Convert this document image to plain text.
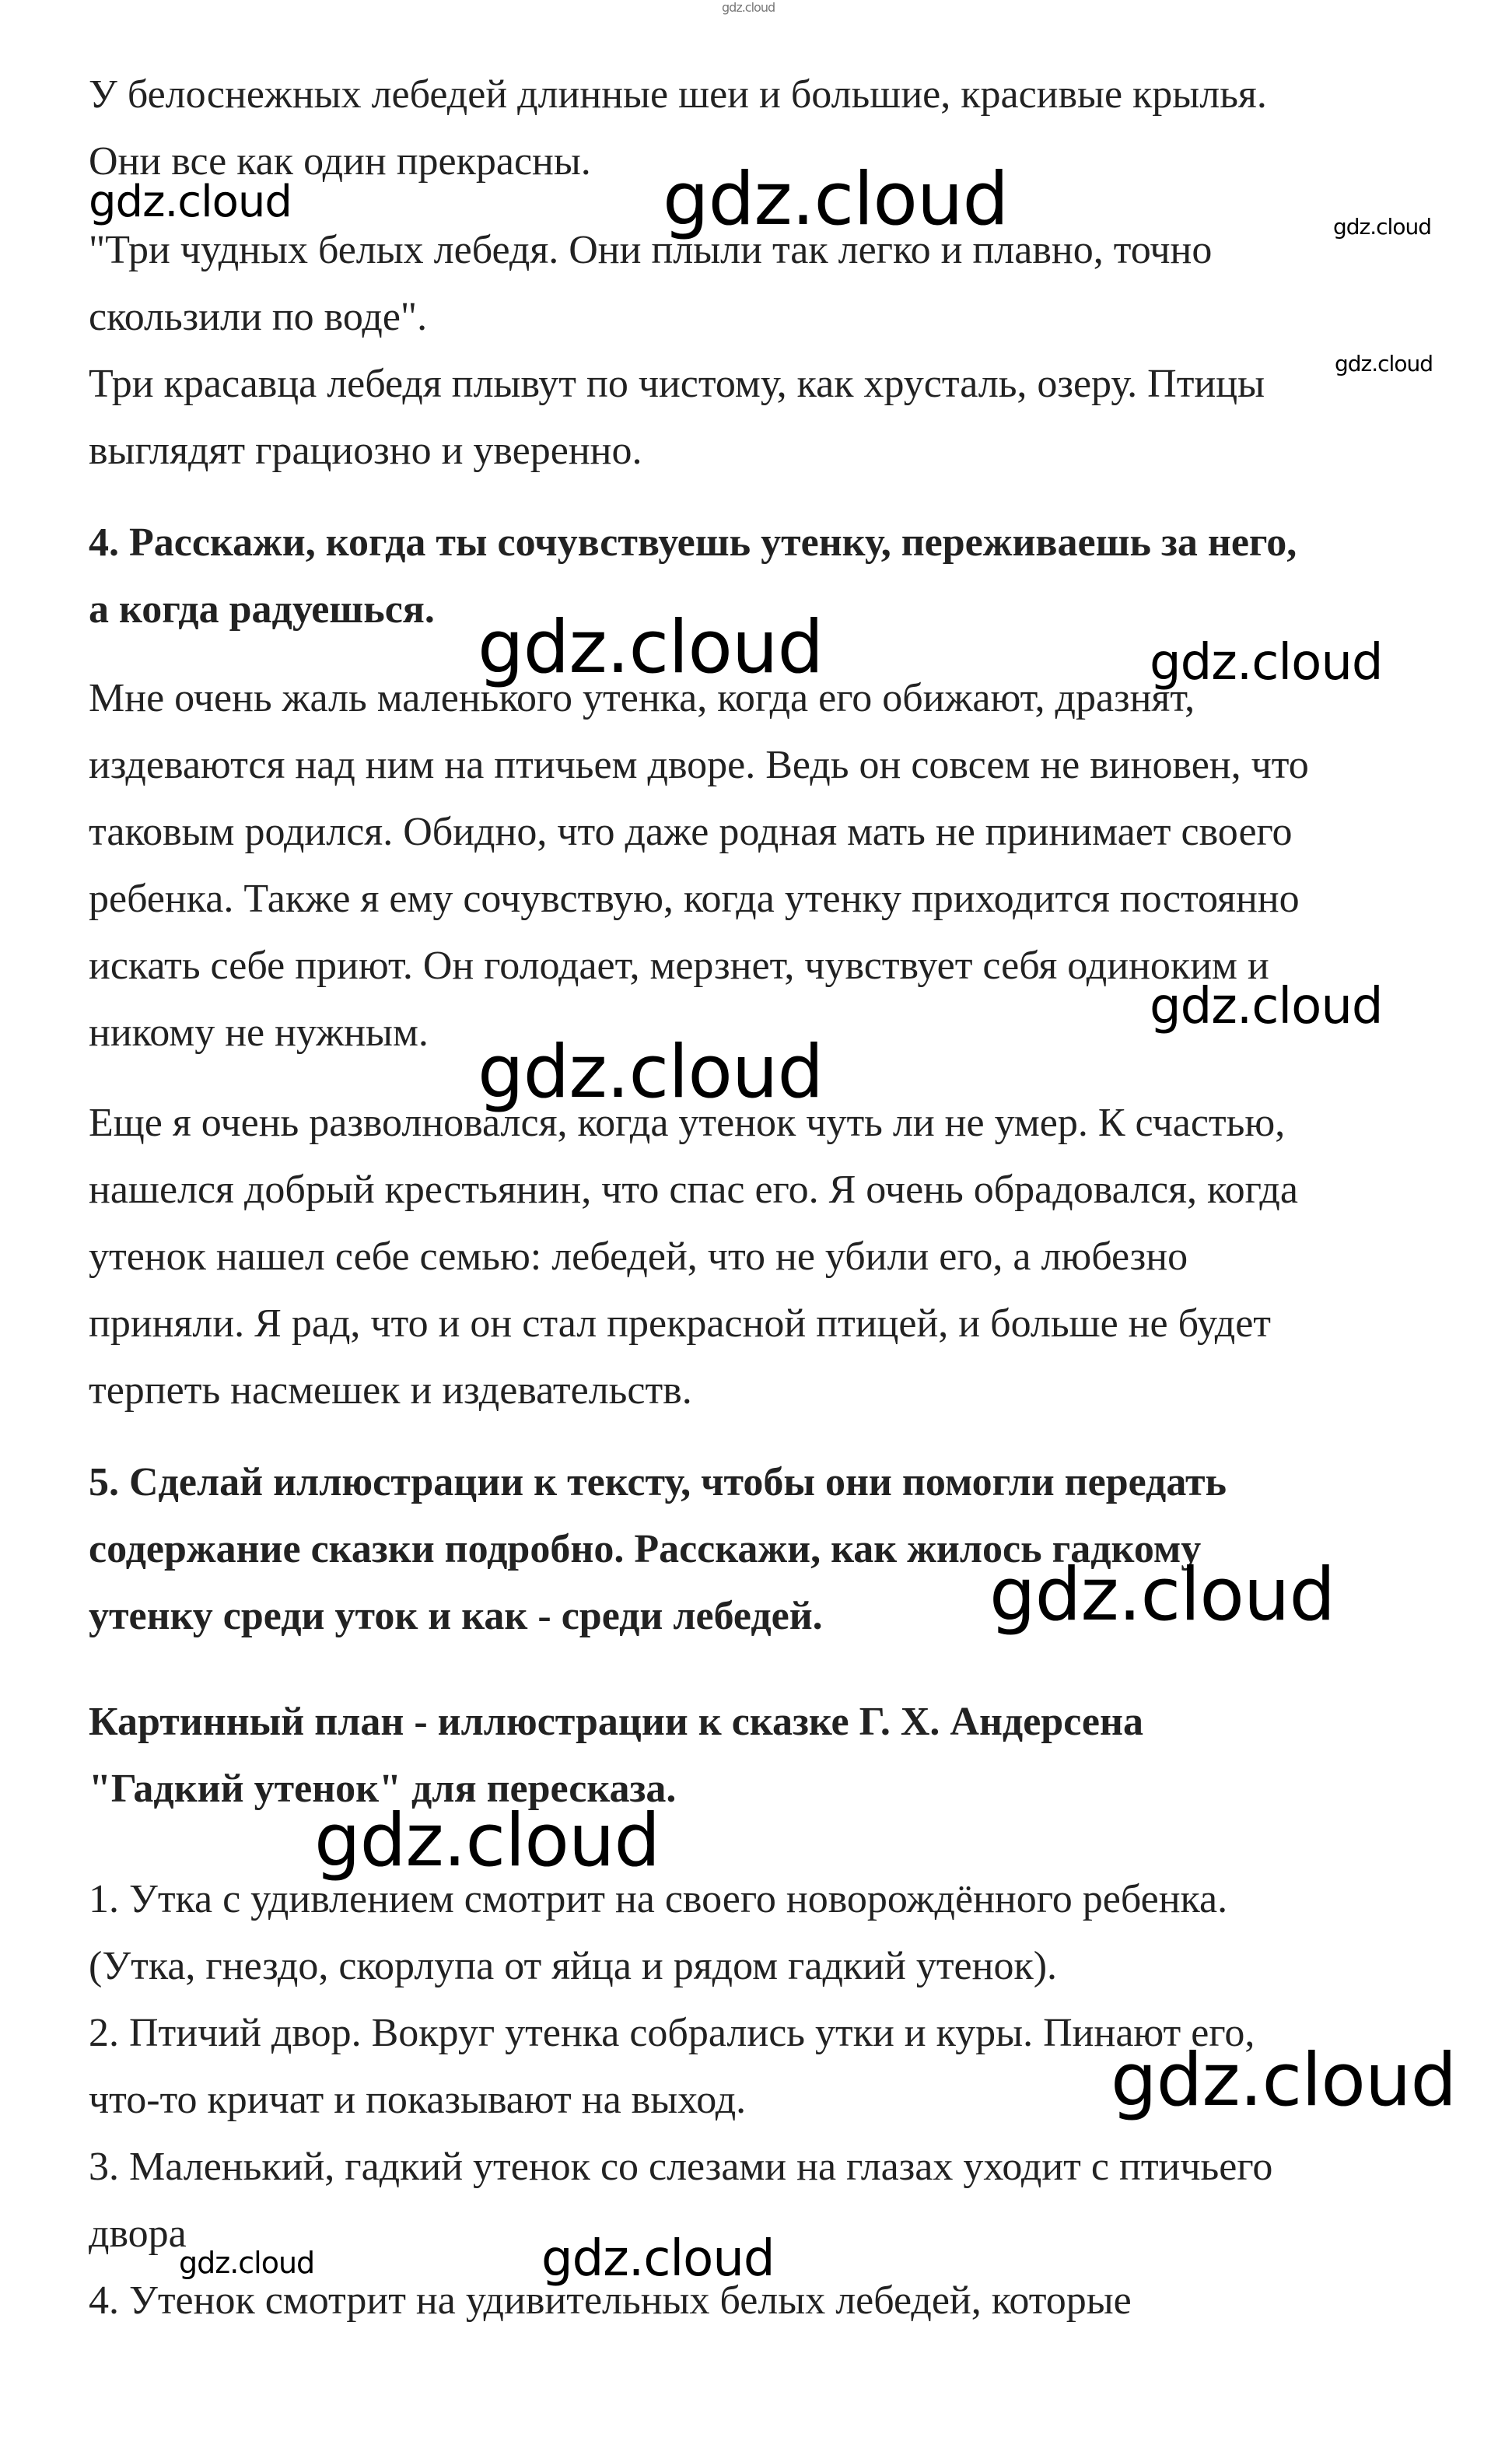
У белоснежных лебедей длинные шеи и большие, красивые крылья.
Они все как один прекрасны.
"Три чудных белых лебедя. Они плыли так легко и плавно, точно
скользили по воде".
Три красавца лебедя плывут по чистому, как хрусталь, озеру. Птицы
выглядят грациозно и уверенно.
4. Расскажи, когда ты сочувствуешь утенку, переживаешь за него,
а когда радуешься.
Мне очень жаль маленького утенка, когда его обижают, дразнят,
издеваются над ним на птичьем дворе. Ведь он совсем не виновен, что
таковым родился. Обидно, что даже родная мать не принимает своего
ребенка. Также я ему сочувствую, когда утенку приходится постоянно
искать себе приют. Он голодает, мерзнет, чувствует себя одиноким и
никому не нужным.
Еще я очень разволновался, когда утенок чуть ли не умер. К счастью,
нашелся добрый крестьянин, что спас его. Я очень обрадовался, когда
утенок нашел себе семью: лебедей, что не убили его, а любезно
приняли. Я рад, что и он стал прекрасной птицей, и больше не будет
терпеть насмешек и издевательств.
5. Сделай иллюстрации к тексту, чтобы они помогли передать
содержание сказки подробно. Расскажи, как жилось гадкому
утенку среди уток и как - среди лебедей.
Картинный план - иллюстрации к сказке Г. Х. Андерсена
"Гадкий утенок" для пересказа.
1. Утка с удивлением смотрит на своего новорождённого ребенка.
(Утка, гнездо, скорлупа от яйца и рядом гадкий утенок).
2. Птичий двор. Вокруг утенка собрались утки и куры. Пинают его,
что-то кричат и показывают на выход.
3. Маленький, гадкий утенок со слезами на глазах уходит с птичьего
двора
4. Утенок смотрит на удивительных белых лебедей, которые
gdz.cloud
gdz.cloud	gdz.cloud	gdz.cloud
gdz.cloud
gdz.cloud	gdz.cloud
gdz.cloud
gdz.cloud
gdz.cloud
gdz.cloud
gdz.cloud
gdz.cloud	gdz.cloud
